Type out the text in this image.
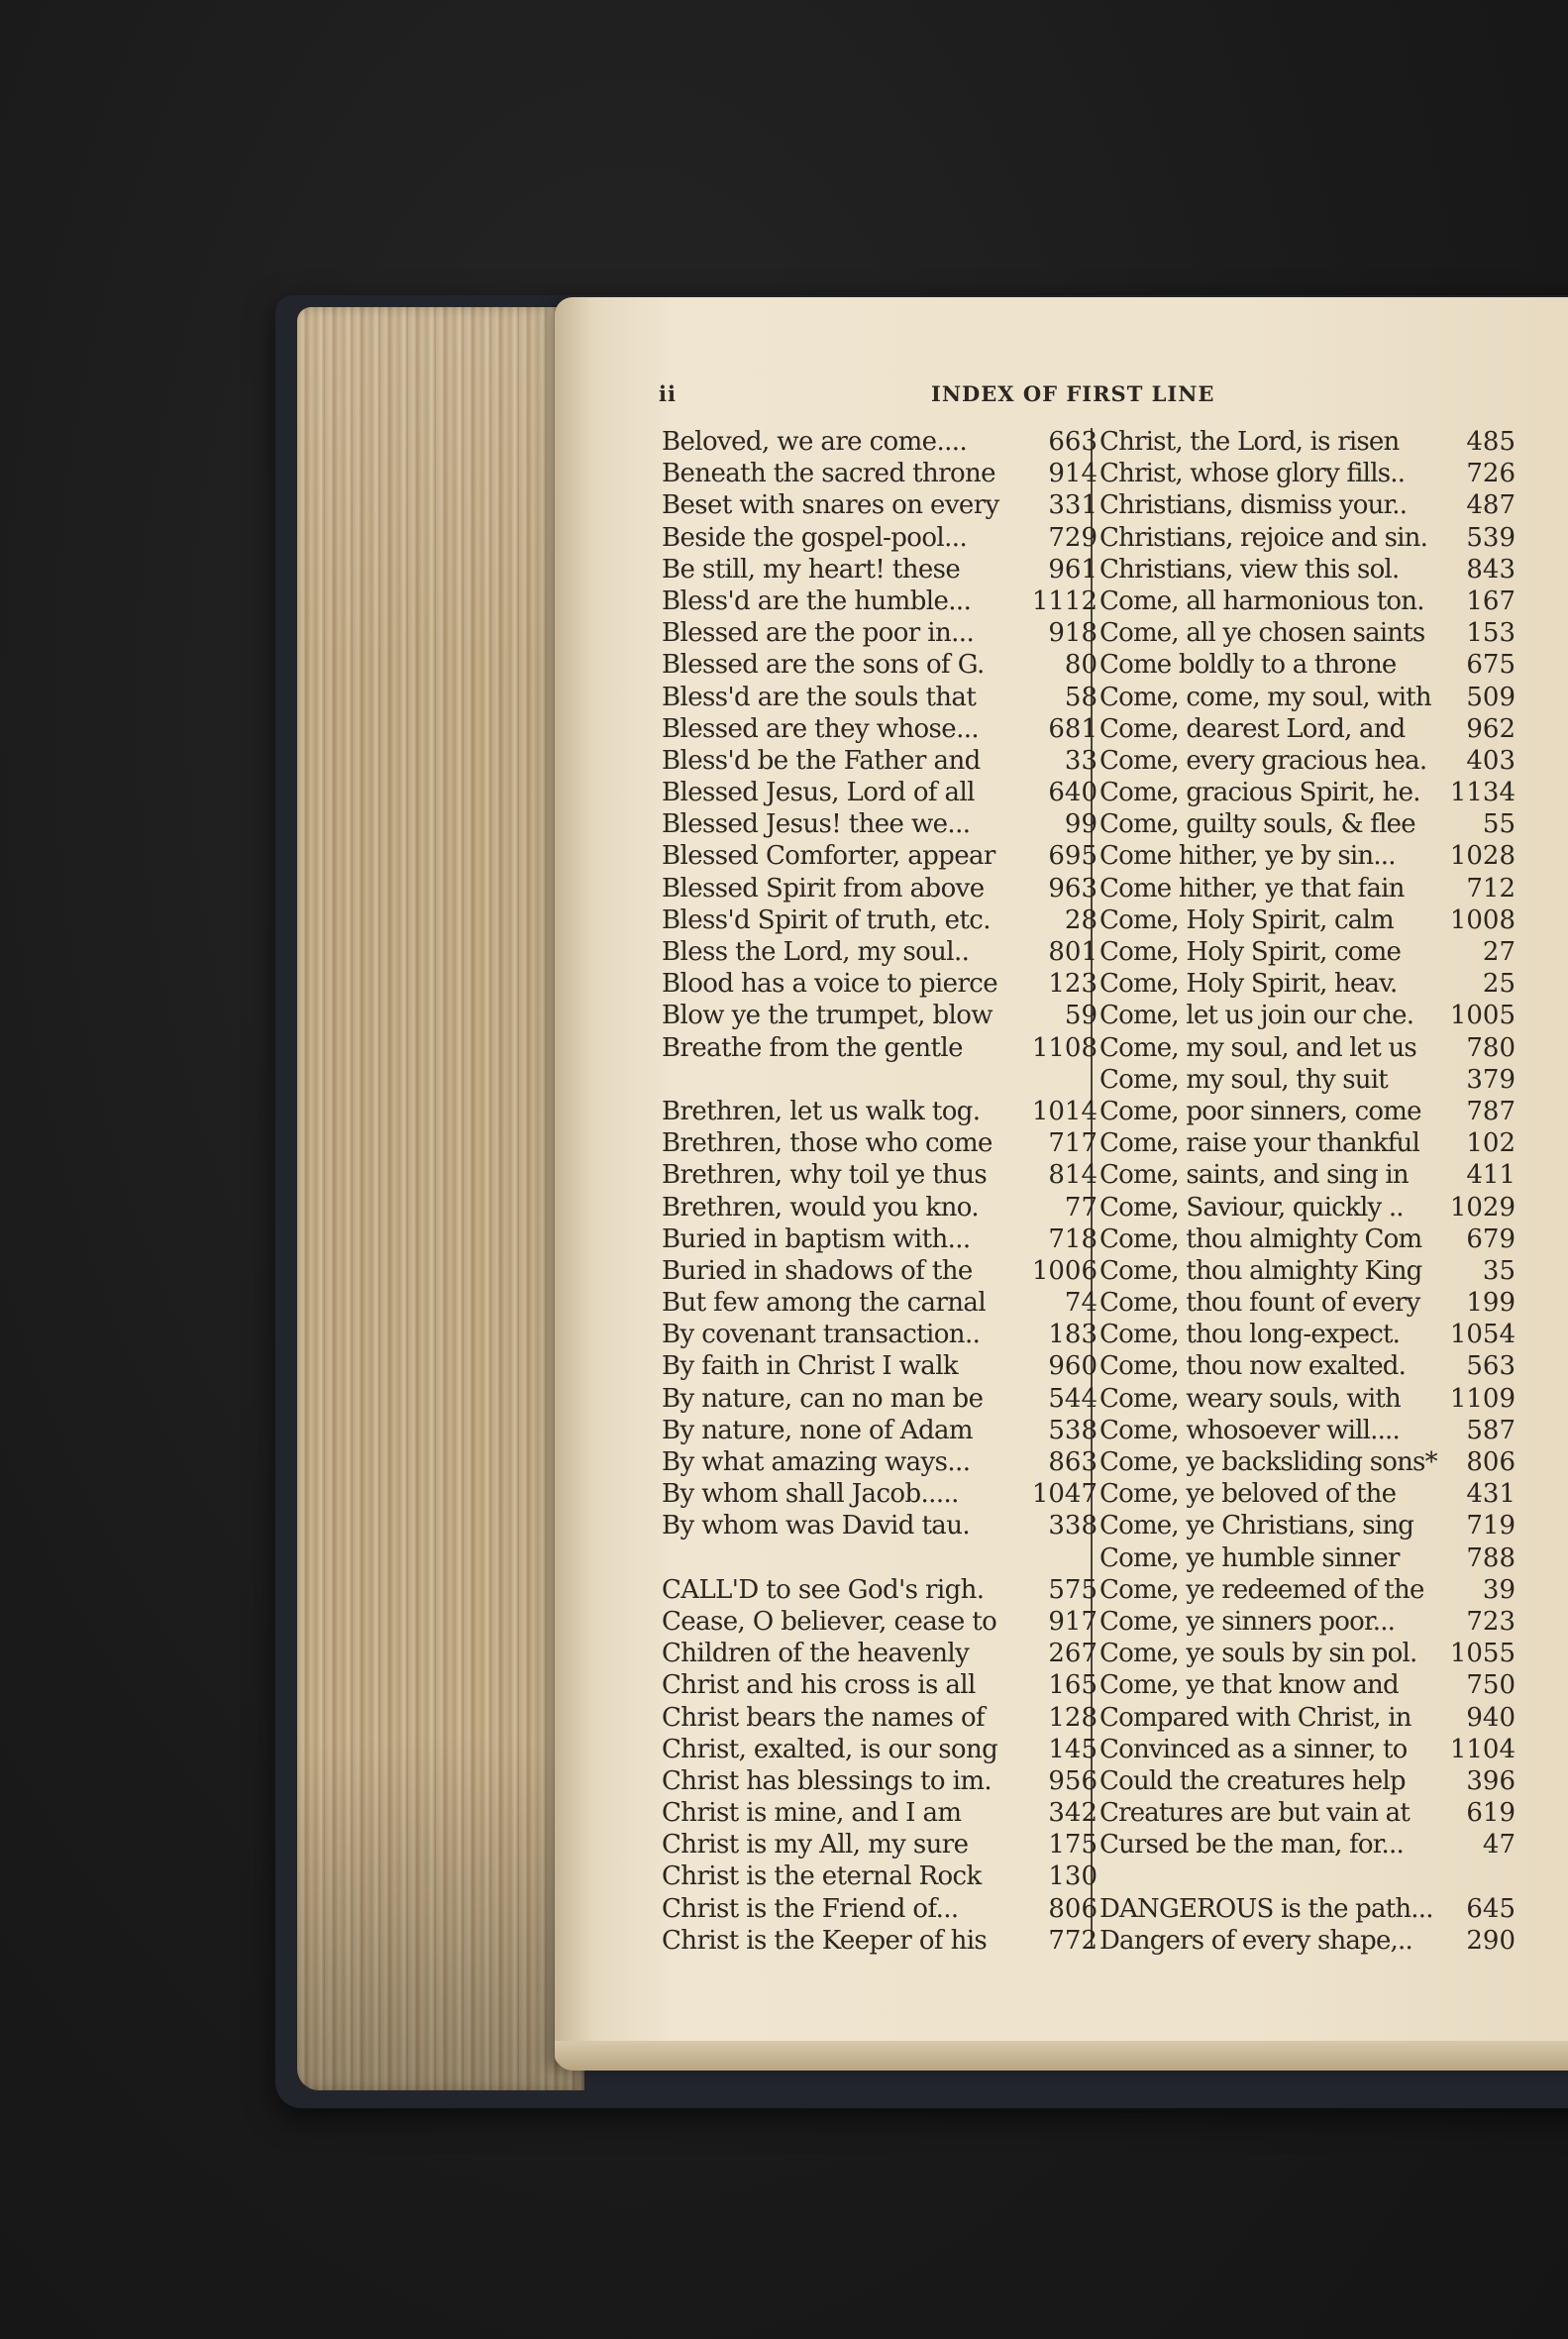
ii	INDEX OF FIRST LINE
Beloved, we are come....	663
Beneath the sacred throne 914
Beset with snares on every 331
Beside the gospel-pool...	729
Be still, my heart! these	961
Bless'd are the humble... 1112
Blessed are the poor in...	918
Blessed are the sons of G.	80
Bless'd are the souls that	58
Blessed are they whose...	681
Bless'd be the Father and	33
Blessed Jesus, Lord of all	640
Blessed Jesus! thee we...	99
Blessed Comforter, appear 695
Blessed Spirit from above 963
Bless'd Spirit of truth, etc.	28
Bless the Lord, my soul..	801
Blood has a voice to pierce 123
Blow ye the trumpet, blow	59
Breathe from the gentle	1108
Brethren, let us walk tog. 1014
Brethren, those who come 717
Brethren, why toil ye thus 814
Brethren, would you kno.	77
Buried in baptism with...	718
Buried in shadows of the 1006
But few among the carnal	74
By covenant transaction..	183
By faith in Christ I walk	960
By nature, can no man be	544
By nature, none of Adam	538
By what amazing ways...	863
By whom shall Jacob.....	1047
By whom was David tau.	338
CALL'D to see God's righ. 575
Cease, O believer, cease to 917
Children of the heavenly	267
Christ and his cross is all	165
Christ bears the names of 128
Christ, exalted, is our song 145
Christ has blessings to im. 956
Christ is mine, and I am	342
Christ is my All, my sure	175
Christ is the eternal Rock	130
Christ is the Friend of...	806
Christ is the Keeper of his 772
Christ, the Lord, is risen	485
Christ, whose glory fills.. 726
Christians, dismiss your.. 487
Christians, rejoice and sin. 539
Christians, view this sol.	843
Come, all harmonious ton. 167
Come, all ye chosen saints 153
Come boldly to a throne	675
Come, come, my soul, with 509
Come, dearest Lord, and 962
Come, every gracious hea. 403
Come, gracious Spirit, he. 1134
Come, guilty souls, & flee	55
Come hither, ye by sin... 1028
Come hither, ye that fain 712
Come, Holy Spirit, calm 1008
Come, Holy Spirit, come	27
Come, Holy Spirit, heav.	25
Come, let us join our che. 1005
Come, my soul, and let us 780
Come, my soul, thy suit	379
Come, poor sinners, come 787
Come, raise your thankful 102
Come, saints, and sing in 411
Come, Saviour, quickly .. 1029
Come, thou almighty Com 679
Come, thou almighty King 35
Come, thou fount of every 199
Come, thou long-expect. 1054
Come, thou now exalted. 563
Come, weary souls, with 1109
Come, whosoever will....	587
Come, ye backsliding sons* 806
Come, ye beloved of the	431
Come, ye Christians, sing 719
Come, ye humble sinner	788
Come, ye redeemed of the 39
Come, ye sinners poor...	723
Come, ye souls by sin pol. 1055
Come, ye that know and	750
Compared with Christ, in 940
Convinced as a sinner, to 1104
Could the creatures help 396
Creatures are but vain at 619
Cursed be the man, for...	47
DANGEROUS is the path... 645
Dangers of every shape,.. 290
